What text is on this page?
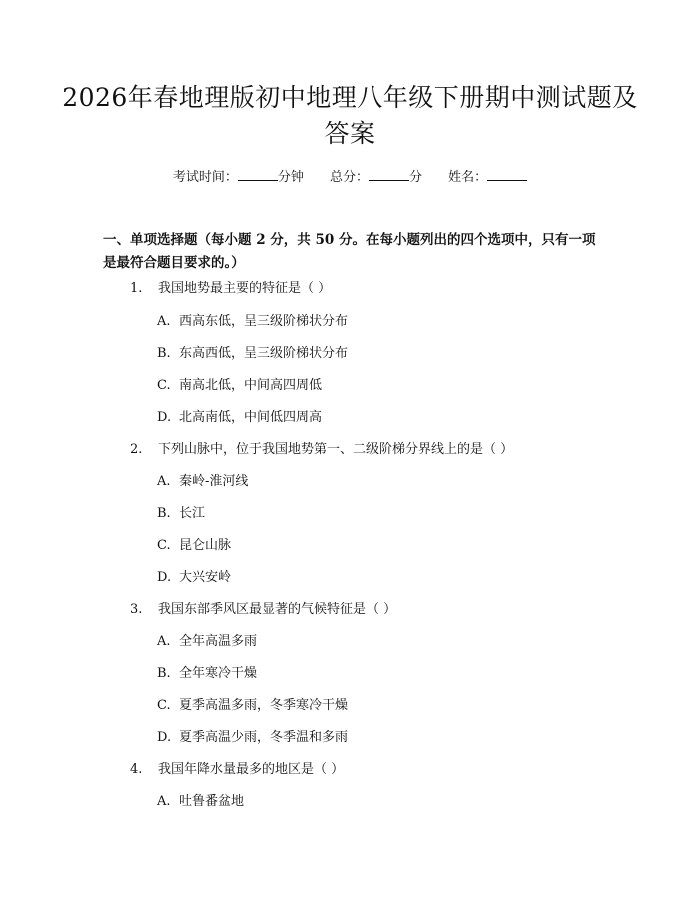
2026年春地理版初中地理八年级下册期中测试题及答案
考试时间：	分钟 总分：	分 姓名：
一、单项选择题（每小题 2 分，共 50 分。在每小题列出的四个选项中，只有一项是最符合题目要求的。）
1. 我国地势最主要的特征是（ ）
A. 西高东低，呈三级阶梯状分布
B. 东高西低，呈三级阶梯状分布
C. 南高北低，中间高四周低
D. 北高南低，中间低四周高
2. 下列山脉中，位于我国地势第一、二级阶梯分界线上的是（ ）
A. 秦岭-淮河线
B. 长江
C. 昆仑山脉
D. 大兴安岭
3. 我国东部季风区最显著的气候特征是（ ）
A. 全年高温多雨
B. 全年寒冷干燥
C. 夏季高温多雨，冬季寒冷干燥
D. 夏季高温少雨，冬季温和多雨
4. 我国年降水量最多的地区是（ ）
A. 吐鲁番盆地
